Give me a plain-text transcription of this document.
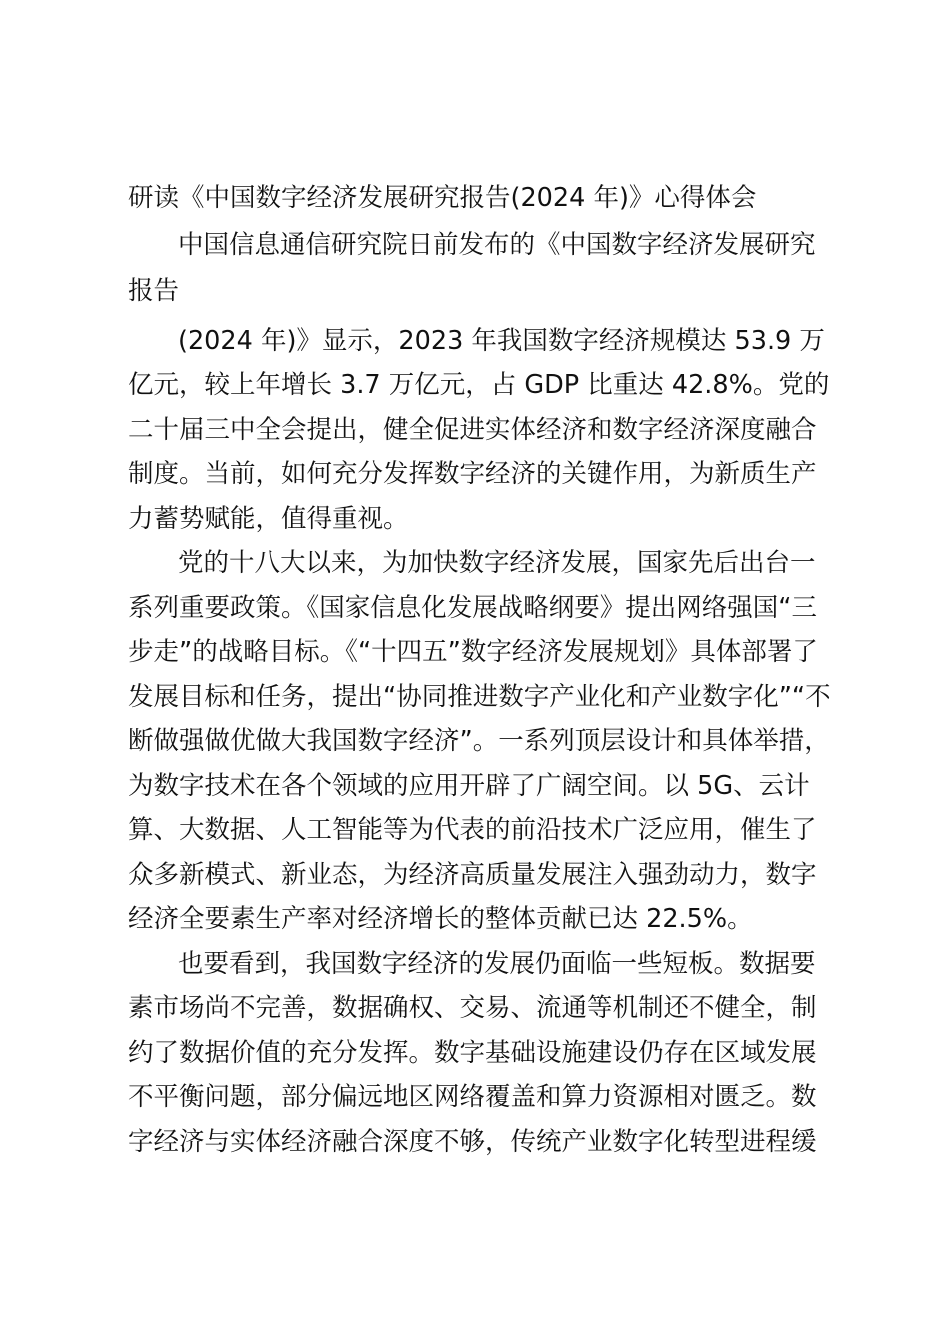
研读《中国数字经济发展研究报告(2024 年)》心得体会

中国信息通信研究院日前发布的《中国数字经济发展研究

报告

(2024 年)》显示，2023 年我国数字经济规模达 53.9 万

亿元，较上年增长 3.7 万亿元，占 GDP 比重达 42.8%。党的

二十届三中全会提出，健全促进实体经济和数字经济深度融合

制度。当前，如何充分发挥数字经济的关键作用，为新质生产

力蓄势赋能，值得重视。

党的十八大以来，为加快数字经济发展，国家先后出台一

系列重要政策。《国家信息化发展战略纲要》提出网络强国“三

步走”的战略目标。《“十四五”数字经济发展规划》具体部署了

发展目标和任务，提出“协同推进数字产业化和产业数字化”“不

断做强做优做大我国数字经济”。一系列顶层设计和具体举措，

为数字技术在各个领域的应用开辟了广阔空间。以 5G、云计

算、大数据、人工智能等为代表的前沿技术广泛应用，催生了

众多新模式、新业态，为经济高质量发展注入强劲动力，数字

经济全要素生产率对经济增长的整体贡献已达 22.5%。

也要看到，我国数字经济的发展仍面临一些短板。数据要

素市场尚不完善，数据确权、交易、流通等机制还不健全，制

约了数据价值的充分发挥。数字基础设施建设仍存在区域发展

不平衡问题，部分偏远地区网络覆盖和算力资源相对匮乏。数

字经济与实体经济融合深度不够，传统产业数字化转型进程缓
